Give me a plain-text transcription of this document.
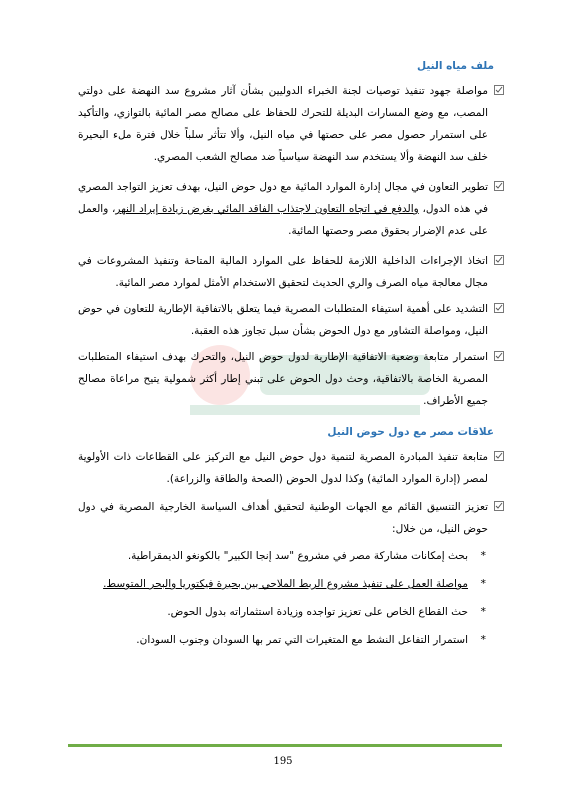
ملف مياه النيل
مواصلة جهود تنفيذ توصيات لجنة الخبراء الدوليين بشأن آثار مشروع سد النهضة على دولتي المصب، مع وضع المسارات البديلة للتحرك للحفاظ على مصالح مصر المائية بالتوازي، والتأكيد على استمرار حصول مصر على حصتها في مياه النيل، وألا تتأثر سلباً خلال فترة ملء البحيرة خلف سد النهضة وألا يستخدم سد النهضة سياسياً ضد مصالح الشعب المصري.
تطوير التعاون في مجال إدارة الموارد المائية مع دول حوض النيل، بهدف تعزيز التواجد المصري في هذه الدول، والدفع في اتجاه التعاون لاجتذاب الفاقد المائي بغرض زيادة إيراد النهر، والعمل على عدم الإضرار بحقوق مصر وحصتها المائية.
اتخاذ الإجراءات الداخلية اللازمة للحفاظ على الموارد المالية المتاحة وتنفيذ المشروعات في مجال معالجة مياه الصرف والري الحديث لتحقيق الاستخدام الأمثل لموارد مصر المائية.
التشديد على أهمية استيفاء المتطلبات المصرية فيما يتعلق بالاتفاقية الإطارية للتعاون في حوض النيل، ومواصلة التشاور مع دول الحوض بشأن سبل تجاوز هذه العقبة.
استمرار متابعة وضعية الاتفاقية الإطارية لدول حوض النيل، والتحرك بهدف استيفاء المتطلبات المصرية الخاصة بالاتفاقية، وحث دول الحوض على تبني إطار أكثر شمولية يتيح مراعاة مصالح جميع الأطراف.
علاقات مصر مع دول حوض النيل
متابعة تنفيذ المبادرة المصرية لتنمية دول حوض النيل مع التركيز على القطاعات ذات الأولوية لمصر (إدارة الموارد المائية) وكذا لدول الحوض (الصحة والطاقة والزراعة).
تعزيز التنسيق القائم مع الجهات الوطنية لتحقيق أهداف السياسة الخارجية المصرية في دول حوض النيل، من خلال:
*
بحث إمكانات مشاركة مصر في مشروع "سد إنجا الكبير" بالكونغو الديمقراطية.
*
مواصلة العمل على تنفيذ مشروع الربط الملاحي بين بحيرة فيكتوريا والبحر المتوسط.
*
حث القطاع الخاص على تعزيز تواجده وزيادة استثماراته بدول الحوض.
*
استمرار التفاعل النشط مع المتغيرات التي تمر بها السودان وجنوب السودان.
195
